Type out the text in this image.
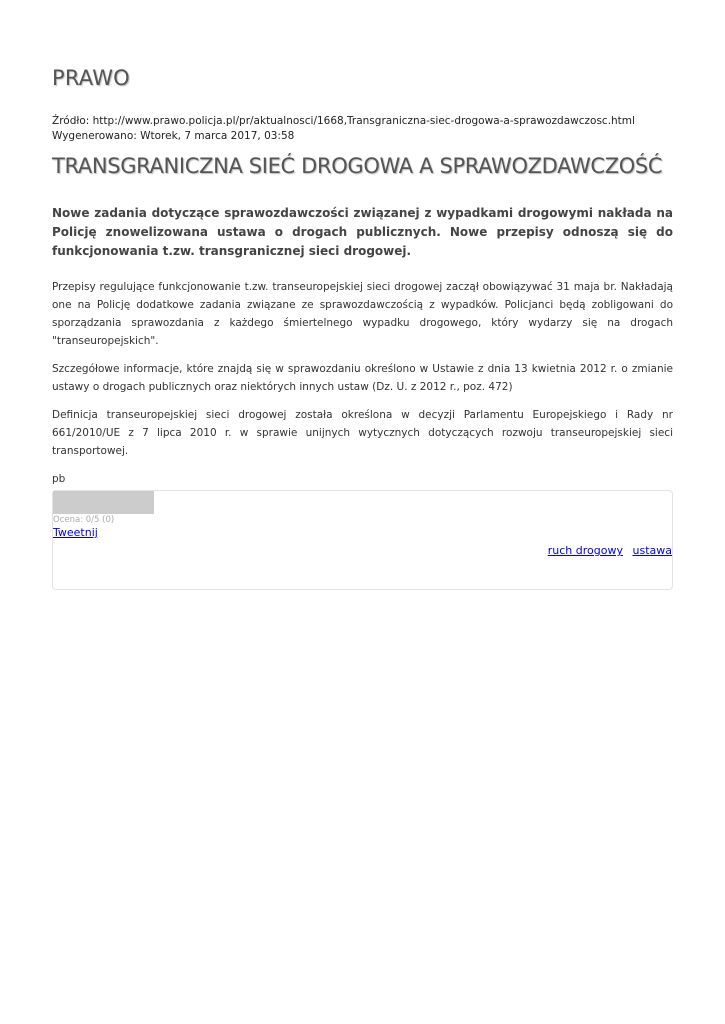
PRAWO
Źródło: http://www.prawo.policja.pl/pr/aktualnosci/1668,Transgraniczna-siec-drogowa-a-sprawozdawczosc.html
Wygenerowano: Wtorek, 7 marca 2017, 03:58
TRANSGRANICZNA SIEĆ DROGOWA A SPRAWOZDAWCZOŚĆ

Nowe zadania dotyczące sprawozdawczości związanej z wypadkami drogowymi nakłada na Policję znowelizowana ustawa o drogach publicznych. Nowe przepisy odnoszą się do funkcjonowania t.zw. transgranicznej sieci drogowej.

Przepisy regulujące funkcjonowanie t.zw. transeuropejskiej sieci drogowej zaczął obowiązywać 31 maja br. Nakładają one na Policję dodatkowe zadania związane ze sprawozdawczością z wypadków. Policjanci będą zobligowani do sporządzania sprawozdania z każdego śmiertelnego wypadku drogowego, który wydarzy się na drogach "transeuropejskich".

Szczegółowe informacje, które znajdą się w sprawozdaniu określono w Ustawie z dnia 13 kwietnia 2012 r. o zmianie ustawy o drogach publicznych oraz niektórych innych ustaw (Dz. U. z 2012 r., poz. 472)

Definicja transeuropejskiej sieci drogowej została określona w decyzji Parlamentu Europejskiego i Rady nr 661/2010/UE z 7 lipca 2010 r. w sprawie unijnych wytycznych dotyczących rozwoju transeuropejskiej sieci transportowej.

pb

Ocena: 0/5 (0)
Tweetnij
ruch drogowy ustawa
